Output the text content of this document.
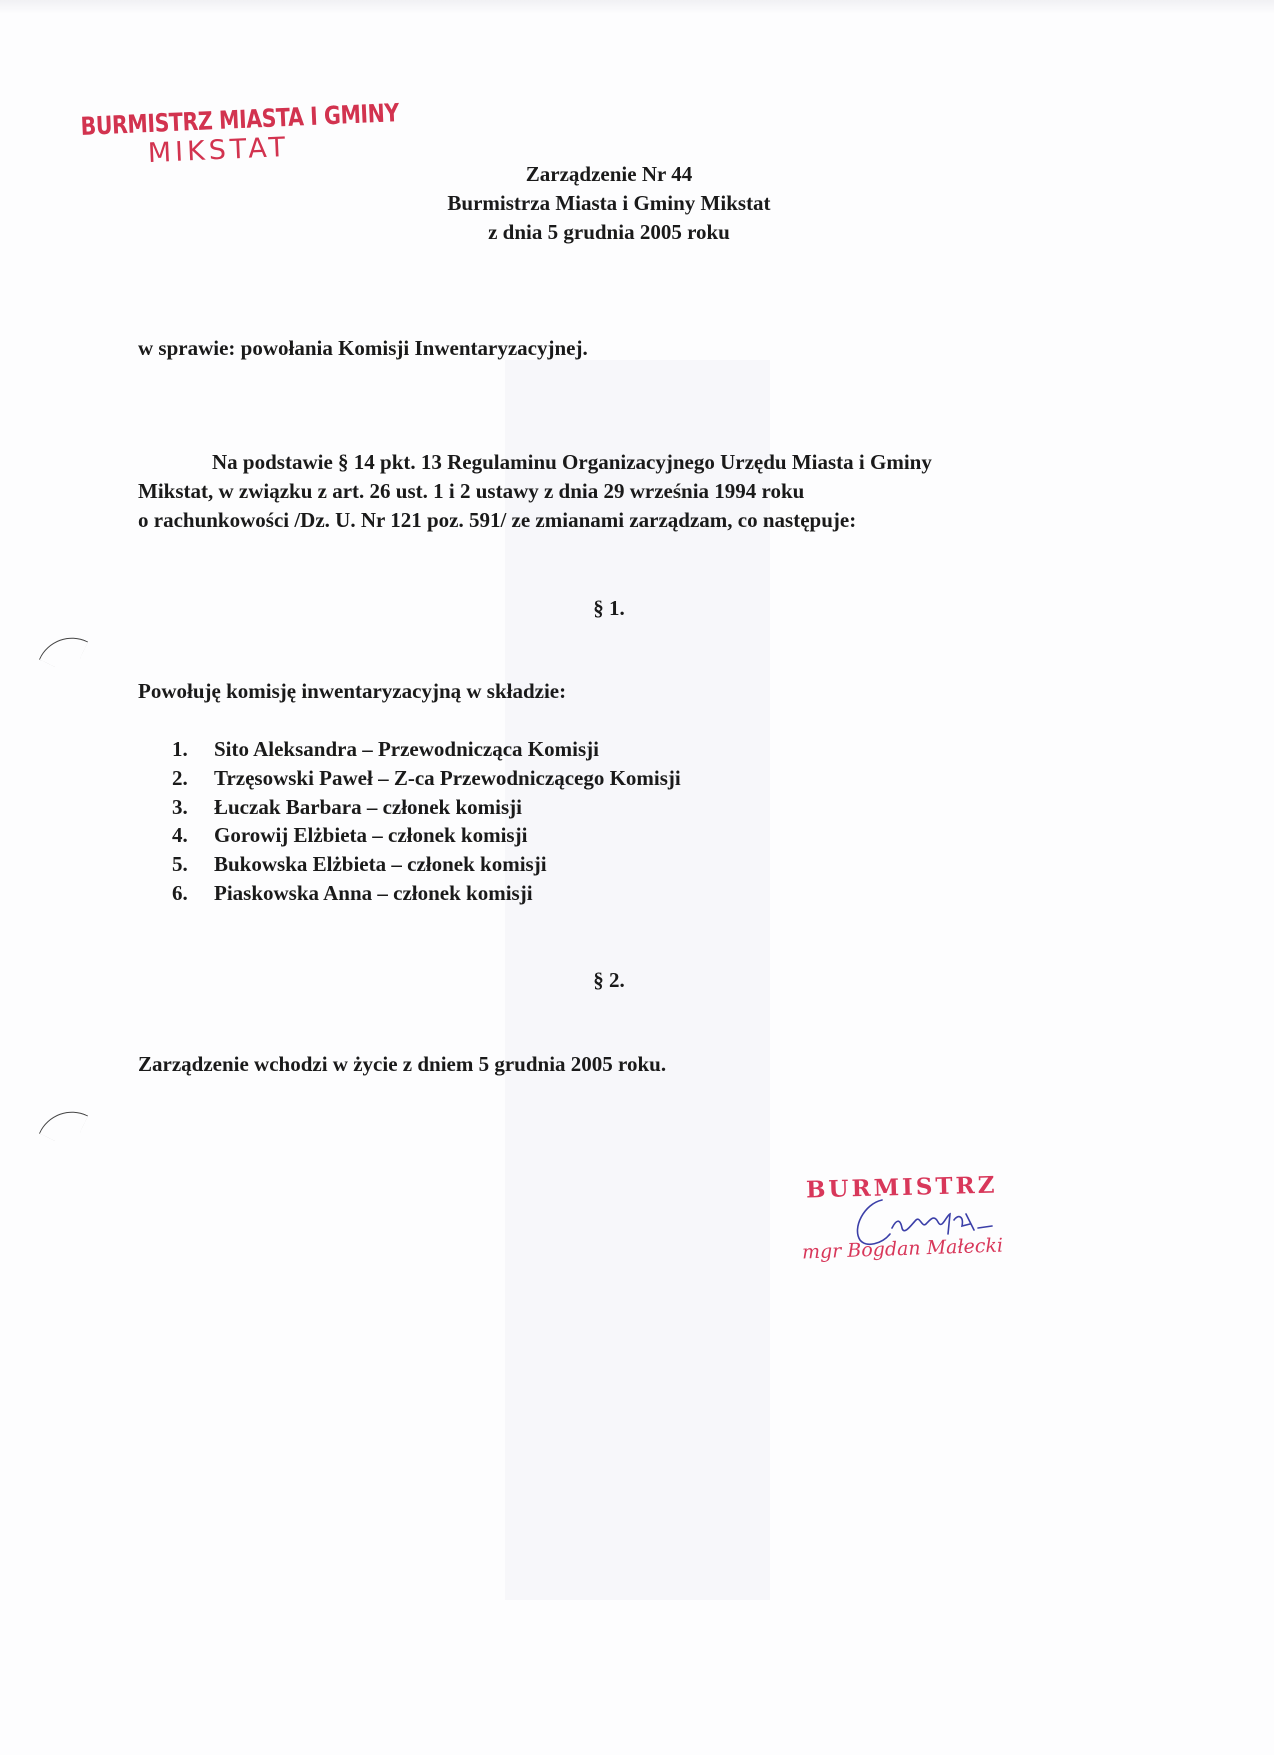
BURMISTRZ MIASTA I GMINY
MIKSTAT
Zarządzenie Nr 44
Burmistrza Miasta i Gminy Mikstat
z dnia 5 grudnia 2005 roku
w sprawie: powołania Komisji Inwentaryzacyjnej.
Na podstawie § 14 pkt. 13 Regulaminu Organizacyjnego Urzędu Miasta i Gminy
Mikstat, w związku z art. 26 ust. 1 i 2 ustawy z dnia 29 września 1994 roku
o rachunkowości /Dz. U. Nr 121 poz. 591/ ze zmianami zarządzam, co następuje:
§ 1.
Powołuję komisję inwentaryzacyjną w składzie:
1. Sito Aleksandra – Przewodnicząca Komisji
2. Trzęsowski Paweł – Z-ca Przewodniczącego Komisji
3. Łuczak Barbara – członek komisji
4. Gorowij Elżbieta – członek komisji
5. Bukowska Elżbieta – członek komisji
6. Piaskowska Anna – członek komisji
§ 2.
Zarządzenie wchodzi w życie z dniem 5 grudnia 2005 roku.
BURMISTRZ
mgr Bogdan Małecki
